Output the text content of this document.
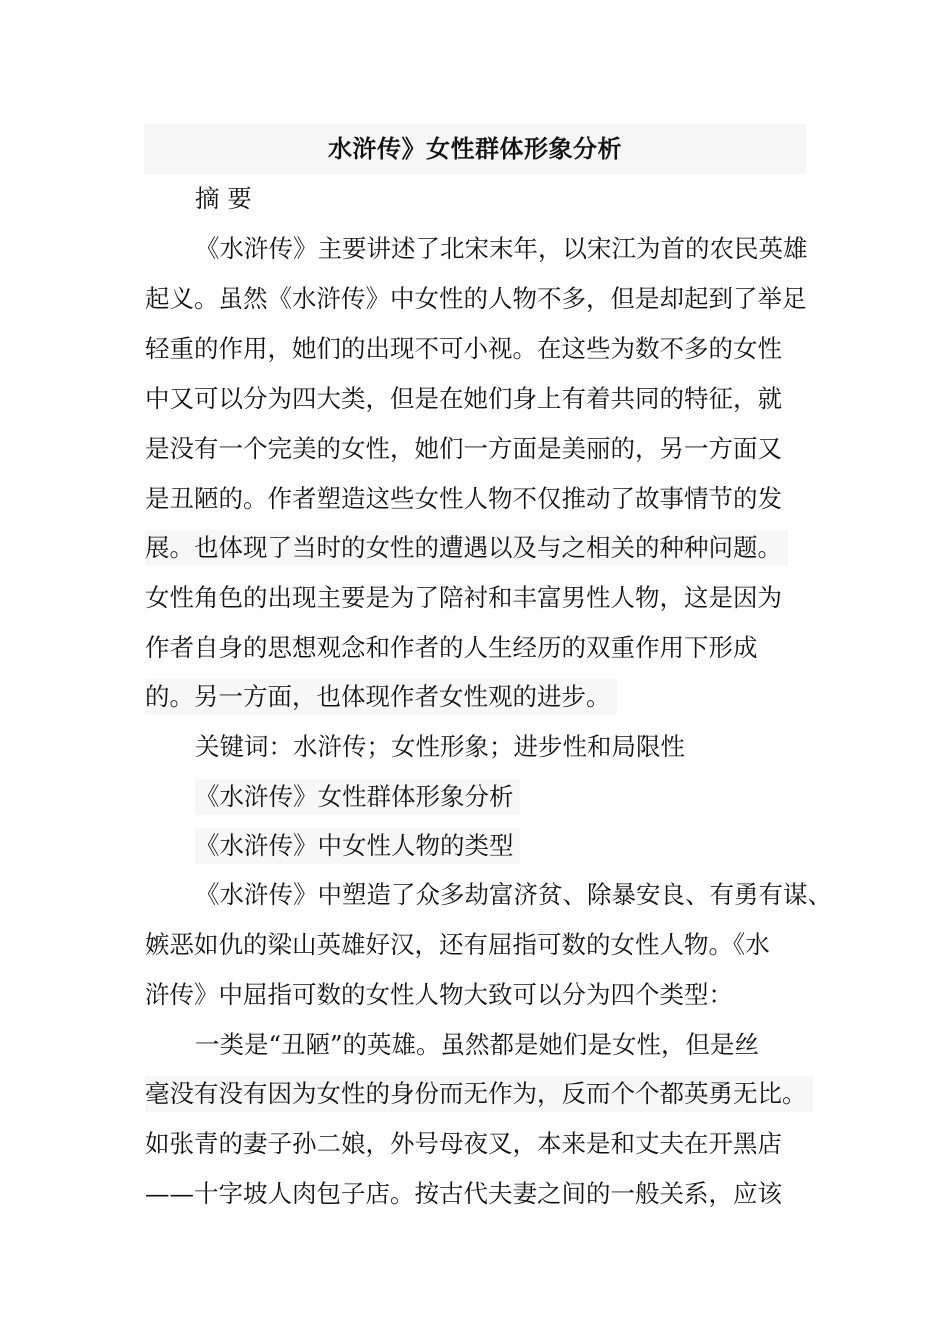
水浒传》女性群体形象分析
摘 要
《水浒传》主要讲述了北宋末年，以宋江为首的农民英雄
起义。虽然《水浒传》中女性的人物不多，但是却起到了举足
轻重的作用，她们的出现不可小视。在这些为数不多的女性
中又可以分为四大类，但是在她们身上有着共同的特征，就
是没有一个完美的女性，她们一方面是美丽的，另一方面又
是丑陋的。作者塑造这些女性人物不仅推动了故事情节的发
展。也体现了当时的女性的遭遇以及与之相关的种种问题。
女性角色的出现主要是为了陪衬和丰富男性人物，这是因为
作者自身的思想观念和作者的人生经历的双重作用下形成
的。另一方面，也体现作者女性观的进步。
关键词：水浒传；女性形象；进步性和局限性
《水浒传》女性群体形象分析
《水浒传》中女性人物的类型
《水浒传》中塑造了众多劫富济贫、除暴安良、有勇有谋、
嫉恶如仇的梁山英雄好汉，还有屈指可数的女性人物。《水
浒传》中屈指可数的女性人物大致可以分为四个类型：
一类是“丑陋”的英雄。虽然都是她们是女性，但是丝
毫没有没有因为女性的身份而无作为，反而个个都英勇无比。
如张青的妻子孙二娘，外号母夜叉，本来是和丈夫在开黑店
——十字坡人肉包子店。按古代夫妻之间的一般关系，应该
